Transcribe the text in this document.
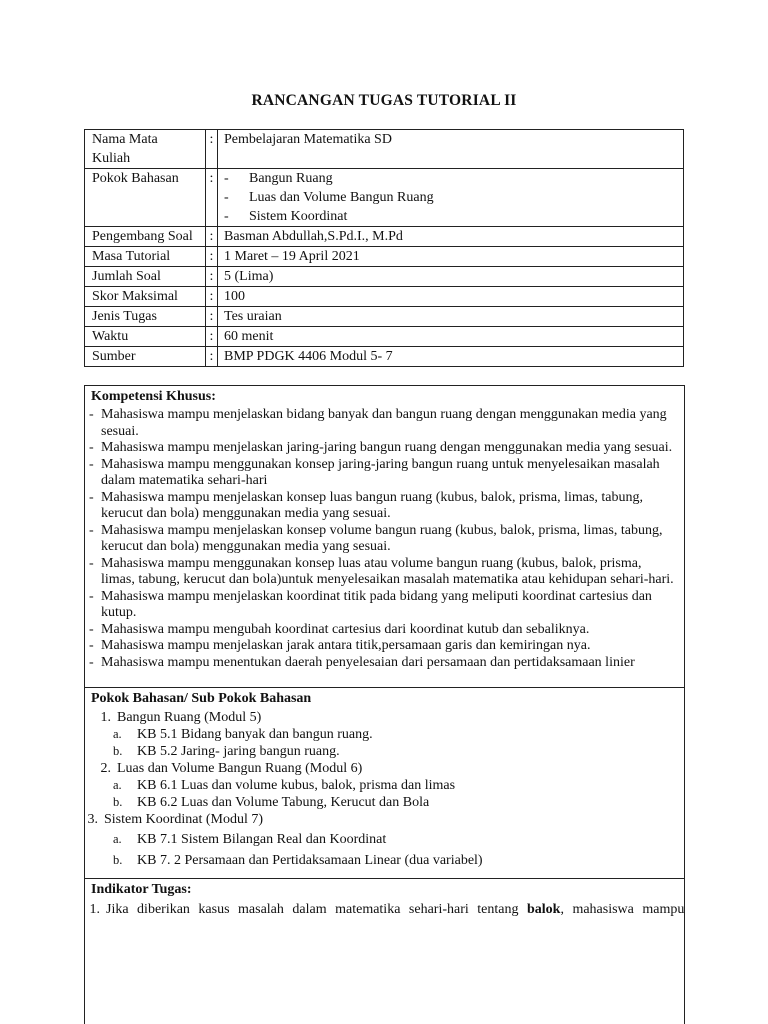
RANCANGAN TUGAS TUTORIAL II
Nama Mata Kuliah	:	Pembelajaran Matematika SD
Pokok Bahasan	:	- Bangun Ruang
- Luas dan Volume Bangun Ruang
- Sistem Koordinat

Pengembang Soal	:	Basman Abdullah,S.Pd.I., M.Pd
Masa Tutorial	:	1 Maret – 19 April 2021
Jumlah Soal	:	5 (Lima)
Skor Maksimal	:	100
Jenis Tugas	:	Tes uraian
Waktu	:	60 menit
Sumber	:	BMP PDGK 4406 Modul 5- 7
Kompetensi Khusus:
- Mahasiswa mampu menjelaskan bidang banyak dan bangun ruang dengan menggunakan media yang sesuai.
- Mahasiswa mampu menjelaskan jaring-jaring bangun ruang dengan menggunakan media yang sesuai.
- Mahasiswa mampu menggunakan konsep jaring-jaring bangun ruang untuk menyelesaikan masalah dalam matematika sehari-hari
- Mahasiswa mampu menjelaskan konsep luas bangun ruang (kubus, balok, prisma, limas, tabung, kerucut dan bola) menggunakan media yang sesuai.
- Mahasiswa mampu menjelaskan konsep volume bangun ruang (kubus, balok, prisma, limas, tabung, kerucut dan bola) menggunakan media yang sesuai.
- Mahasiswa mampu menggunakan konsep luas atau volume bangun ruang (kubus, balok, prisma, limas, tabung, kerucut dan bola)untuk menyelesaikan masalah matematika atau kehidupan sehari-hari.
- Mahasiswa mampu menjelaskan koordinat titik pada bidang yang meliputi koordinat cartesius dan kutup.
- Mahasiswa mampu mengubah koordinat cartesius dari koordinat kutub dan sebaliknya.
- Mahasiswa mampu menjelaskan jarak antara titik,persamaan garis dan kemiringan nya.
- Mahasiswa mampu menentukan daerah penyelesaian dari persamaan dan pertidaksamaan linier
Pokok Bahasan/ Sub Pokok Bahasan
1. Bangun Ruang (Modul 5)
a.	KB 5.1 Bidang banyak dan bangun ruang.
b.	KB 5.2 Jaring- jaring bangun ruang.
2. Luas dan Volume Bangun Ruang (Modul 6)
a.	KB 6.1 Luas dan volume kubus, balok, prisma dan limas
b.	KB 6.2 Luas dan Volume Tabung, Kerucut dan Bola
3. Sistem Koordinat (Modul 7)
a.	KB 7.1 Sistem Bilangan Real dan Koordinat
b.	KB 7. 2 Persamaan dan Pertidaksamaan Linear (dua variabel)
Indikator Tugas:
1. Jika diberikan kasus masalah dalam matematika sehari-hari tentang balok, mahasiswa mampu
